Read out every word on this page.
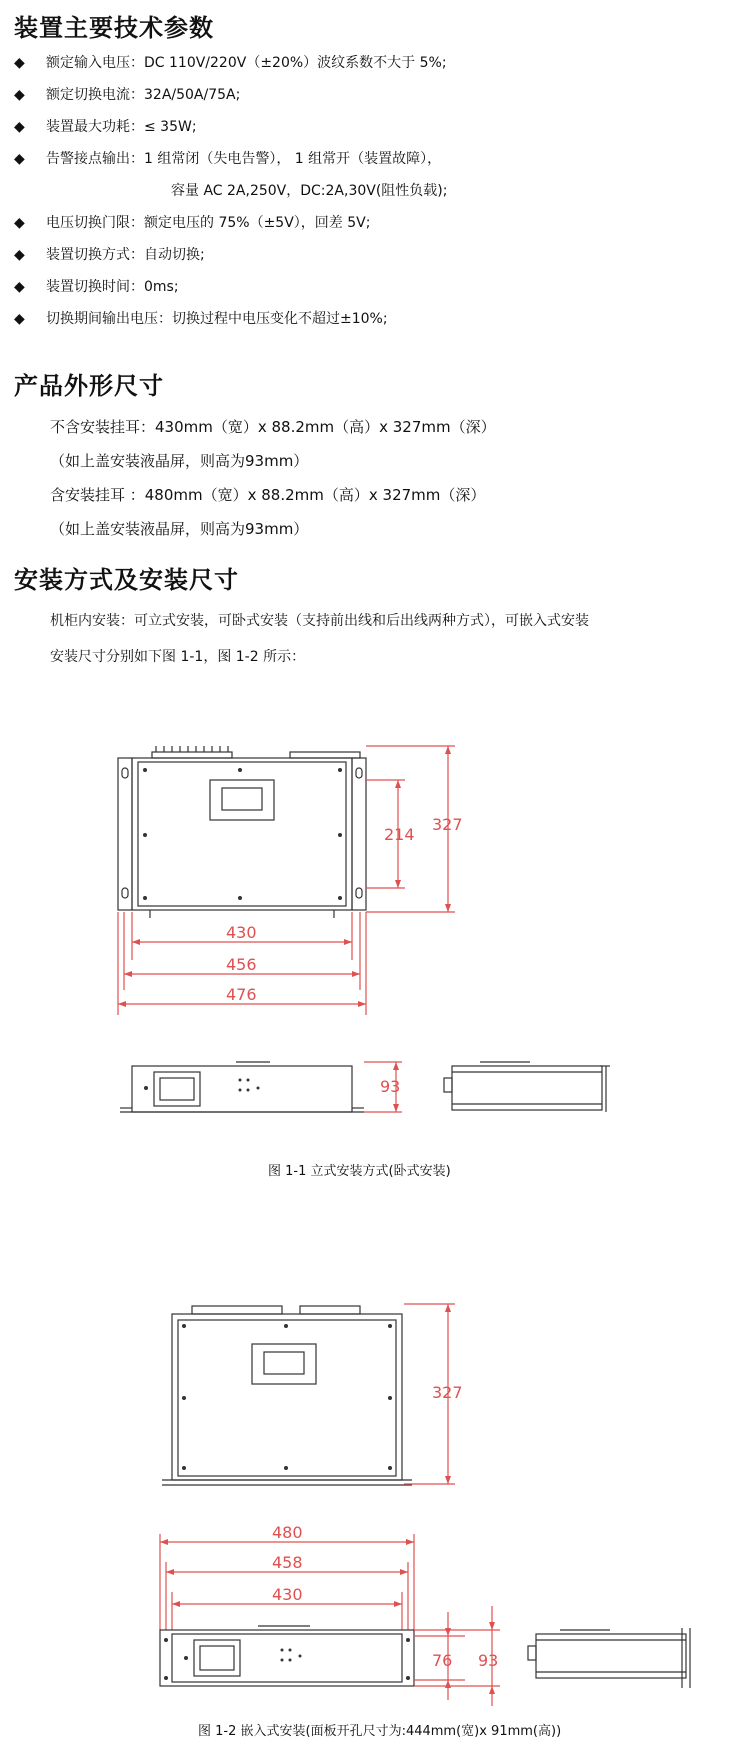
装置主要技术参数
◆ 额定输入电压：DC 110V/220V（±20%）波纹系数不大于 5%;
◆ 额定切换电流：32A/50A/75A;
◆ 装置最大功耗：≤ 35W;
◆ 告警接点输出：1 组常闭（失电告警）， 1 组常开（装置故障），
容量 AC 2A,250V，DC:2A,30V(阻性负载);
◆ 电压切换门限：额定电压的 75%（±5V），回差 5V;
◆ 装置切换方式：自动切换;
◆ 装置切换时间：0ms;
◆ 切换期间输出电压：切换过程中电压变化不超过±10%;
产品外形尺寸
不含安装挂耳：430mm（宽）x 88.2mm（高）x 327mm（深）
（如上盖安装液晶屏，则高为93mm）
含安装挂耳 ：480mm（宽）x 88.2mm（高）x 327mm（深）
（如上盖安装液晶屏，则高为93mm）
安装方式及安装尺寸
机柜内安装：可立式安装，可卧式安装（支持前出线和后出线两种方式），可嵌入式安装
安装尺寸分别如下图 1-1，图 1-2 所示：
214
327
430
456
476
93
图 1-1 立式安装方式(卧式安装)
327
480
458
430
76 93
图 1-2 嵌入式安装(面板开孔尺寸为:444mm(宽)x 91mm(高))
